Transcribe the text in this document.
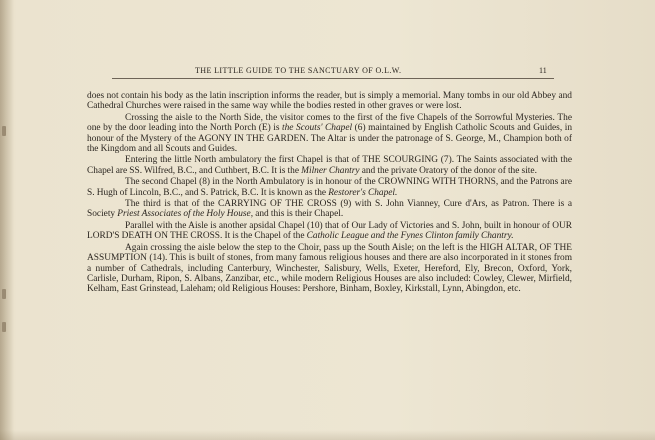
THE LITTLE GUIDE TO THE SANCTUARY OF O.L.W.	11

does not contain his body as the latin inscription informs the reader, but is simply a memorial. Many tombs in our old Abbey and Cathedral Churches were raised in the same way while the bodies rested in other graves or were lost.

Crossing the aisle to the North Side, the visitor comes to the first of the five Chapels of the Sorrowful Mysteries. The one by the door leading into the North Porch (E) is the Scouts' Chapel (6) maintained by English Catholic Scouts and Guides, in honour of the Mystery of the AGONY IN THE GARDEN. The Altar is under the patronage of S. George, M., Champion both of the Kingdom and all Scouts and Guides.

Entering the little North ambulatory the first Chapel is that of THE SCOURGING (7). The Saints associated with the Chapel are SS. Wilfred, B.C., and Cuthbert, B.C. It is the Milner Chantry and the private Oratory of the donor of the site.

The second Chapel (8) in the North Ambulatory is in honour of the CROWNING WITH THORNS, and the Patrons are S. Hugh of Lincoln, B.C., and S. Patrick, B.C. It is known as the Restorer's Chapel.

The third is that of the CARRYING OF THE CROSS (9) with S. John Vianney, Cure d'Ars, as Patron. There is a Society Priest Associates of the Holy House, and this is their Chapel.

Parallel with the Aisle is another apsidal Chapel (10) that of Our Lady of Victories and S. John, built in honour of OUR LORD'S DEATH ON THE CROSS. It is the Chapel of the Catholic League and the Fynes Clinton family Chantry.

Again crossing the aisle below the step to the Choir, pass up the South Aisle; on the left is the HIGH ALTAR, OF THE ASSUMPTION (14). This is built of stones, from many famous religious houses and there are also incorporated in it stones from a number of Cathedrals, including Canterbury, Winchester, Salisbury, Wells, Exeter, Hereford, Ely, Brecon, Oxford, York, Carlisle, Durham, Ripon, S. Albans, Zanzibar, etc., while modern Religious Houses are also included: Cowley, Clewer, Mirfield, Kelham, East Grinstead, Laleham; old Religious Houses: Pershore, Binham, Boxley, Kirkstall, Lynn, Abingdon, etc.
